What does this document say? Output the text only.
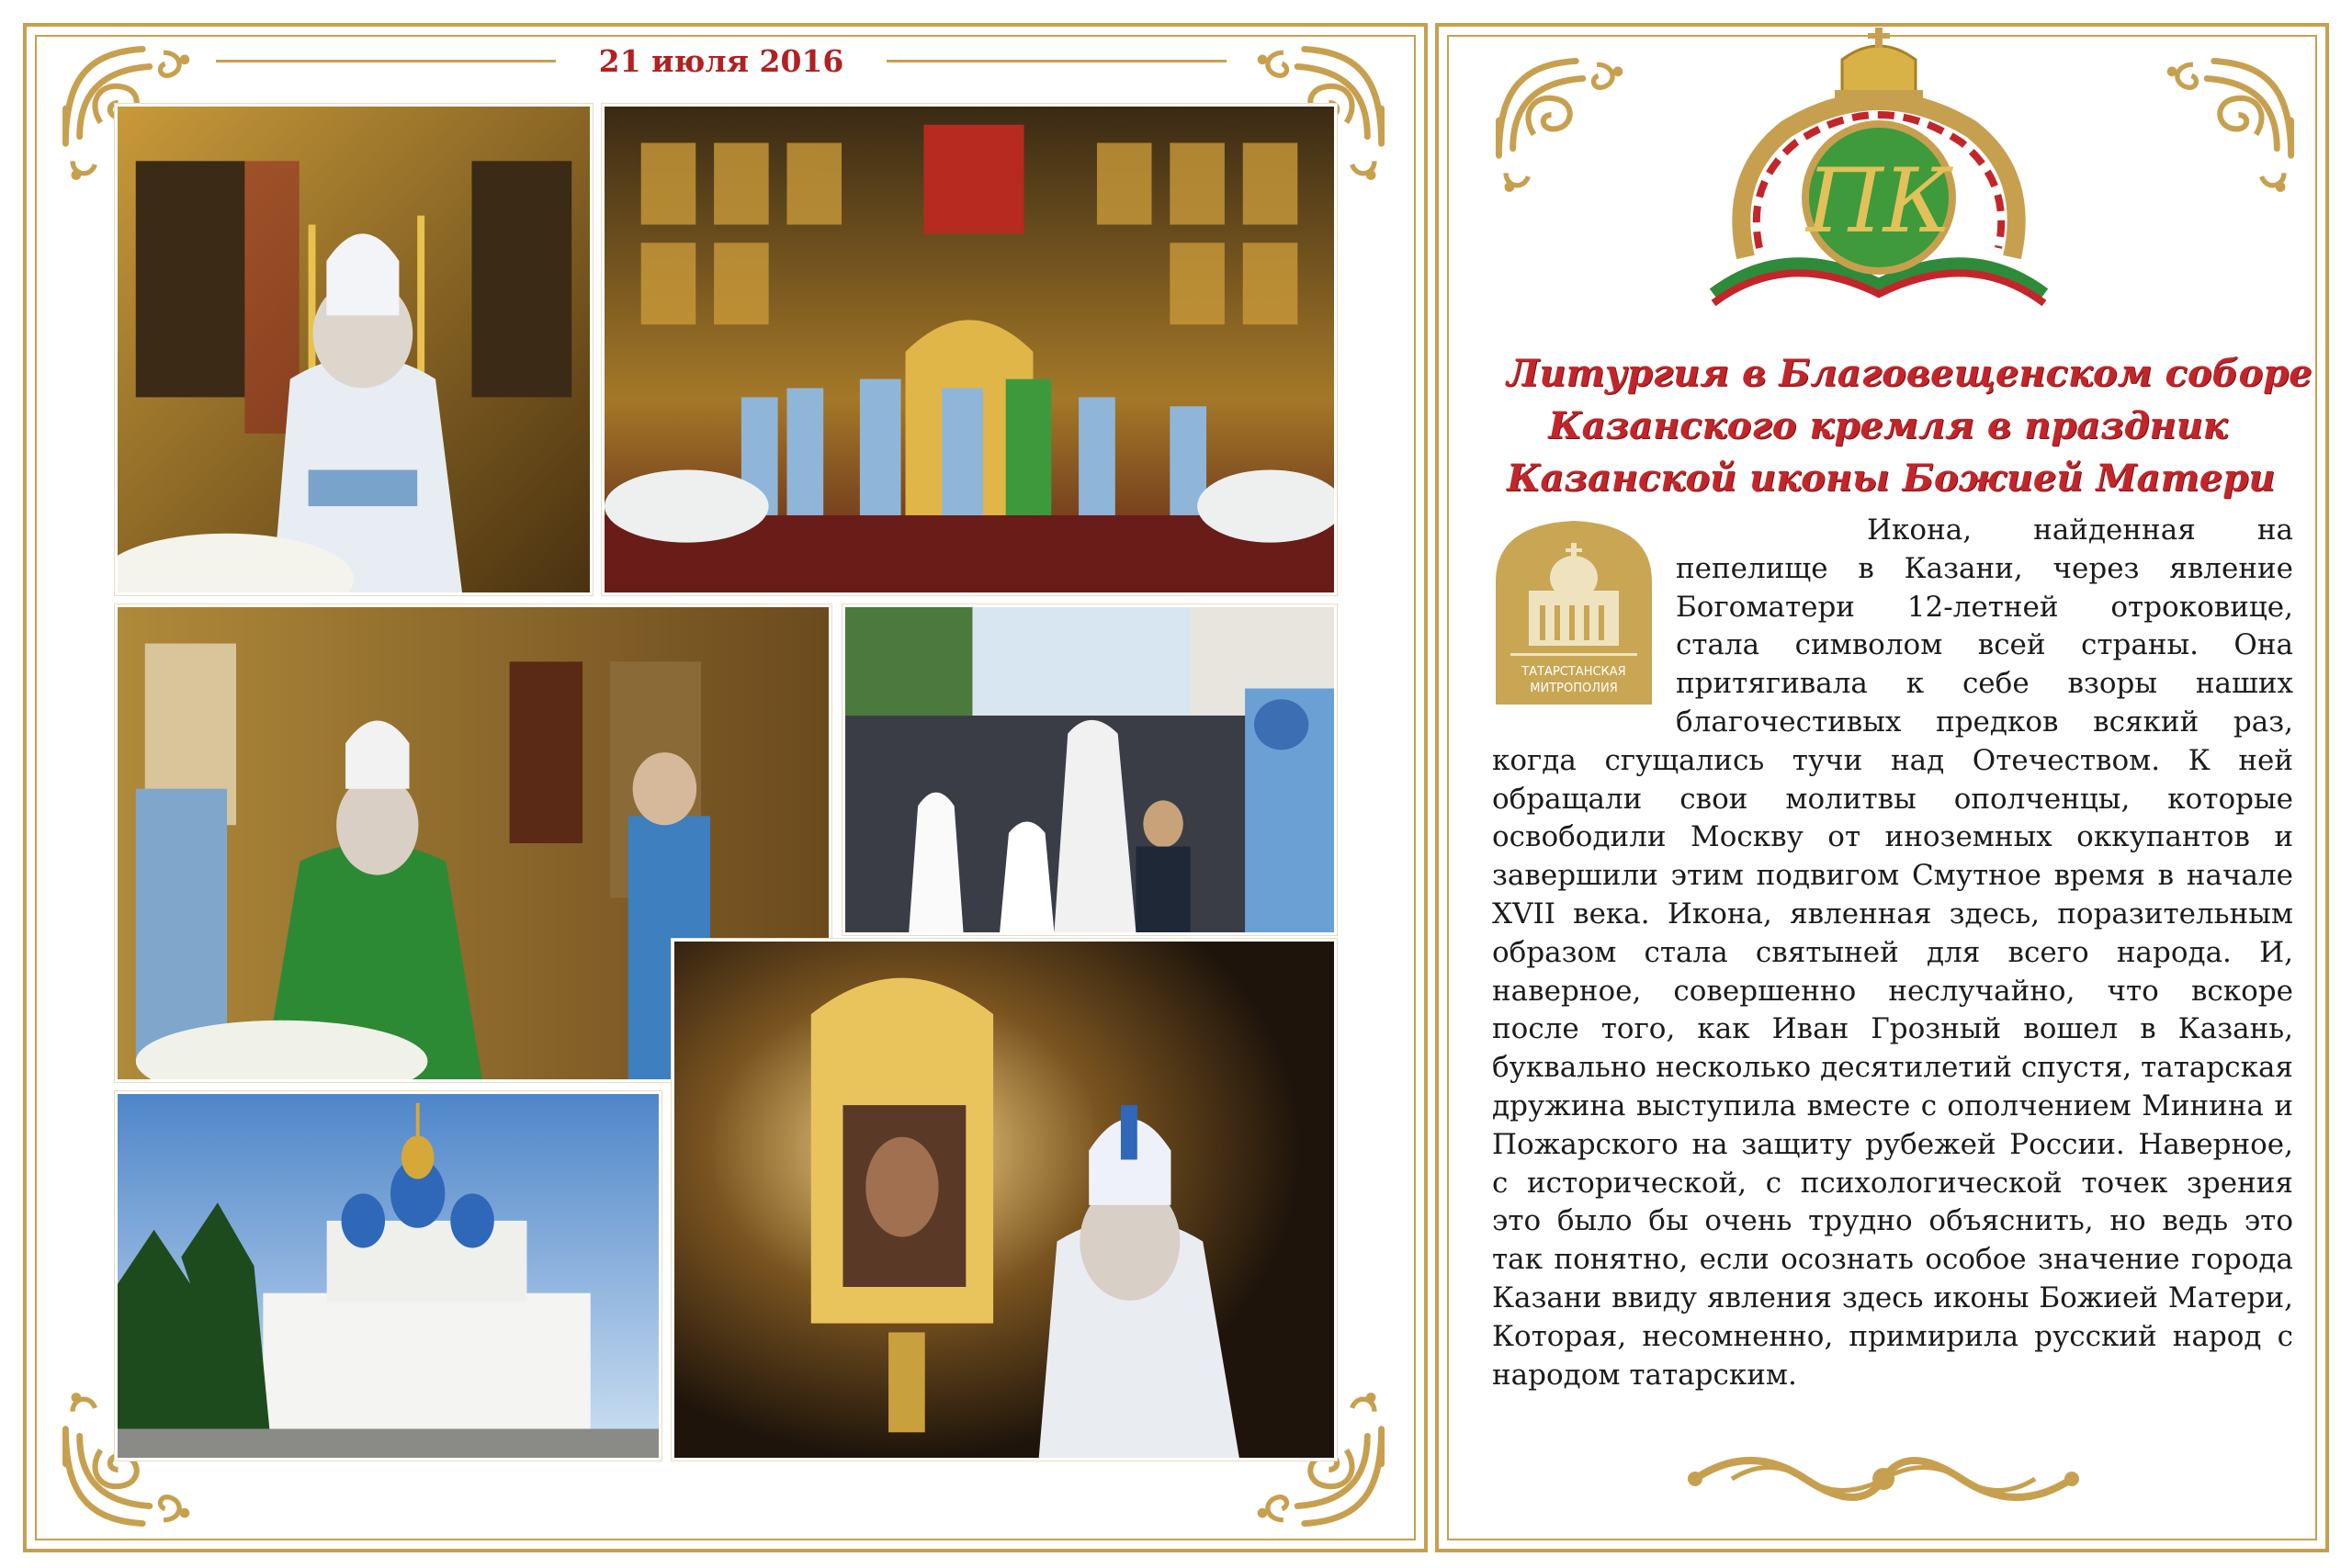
21 июля 2016
ПК
Литургия в Благовещенском соборе
Казанского кремля в праздник
Казанской иконы Божией Матери
ТАТАРСТАНСКАЯ
МИТРОПОЛИЯ
Икона, найденная на пепелище в Казани, через явление Богоматери 12-летней отроковице, стала символом всей страны. Она притягивала к себе взоры наших благочестивых предков всякий раз, когда сгущались тучи над Отечеством. К ней обращали свои молитвы ополченцы, которые освободили Москву от иноземных оккупантов и завершили этим подвигом Смутное время в начале XVII века. Икона, явленная здесь, поразительным образом стала святыней для всего народа. И, наверное, совершенно неслучайно, что вскоре после того, как Иван Грозный вошел в Казань, буквально несколько десятилетий спустя, татарская дружина выступила вместе с ополчением Минина и Пожарского на защиту рубежей России. Наверное, с исторической, с психологической точек зрения это было бы очень трудно объяснить, но ведь это так понятно, если осознать особое значение города Казани ввиду явления здесь иконы Божией Матери, Которая, несомненно, примирила русский народ с народом татарским.
